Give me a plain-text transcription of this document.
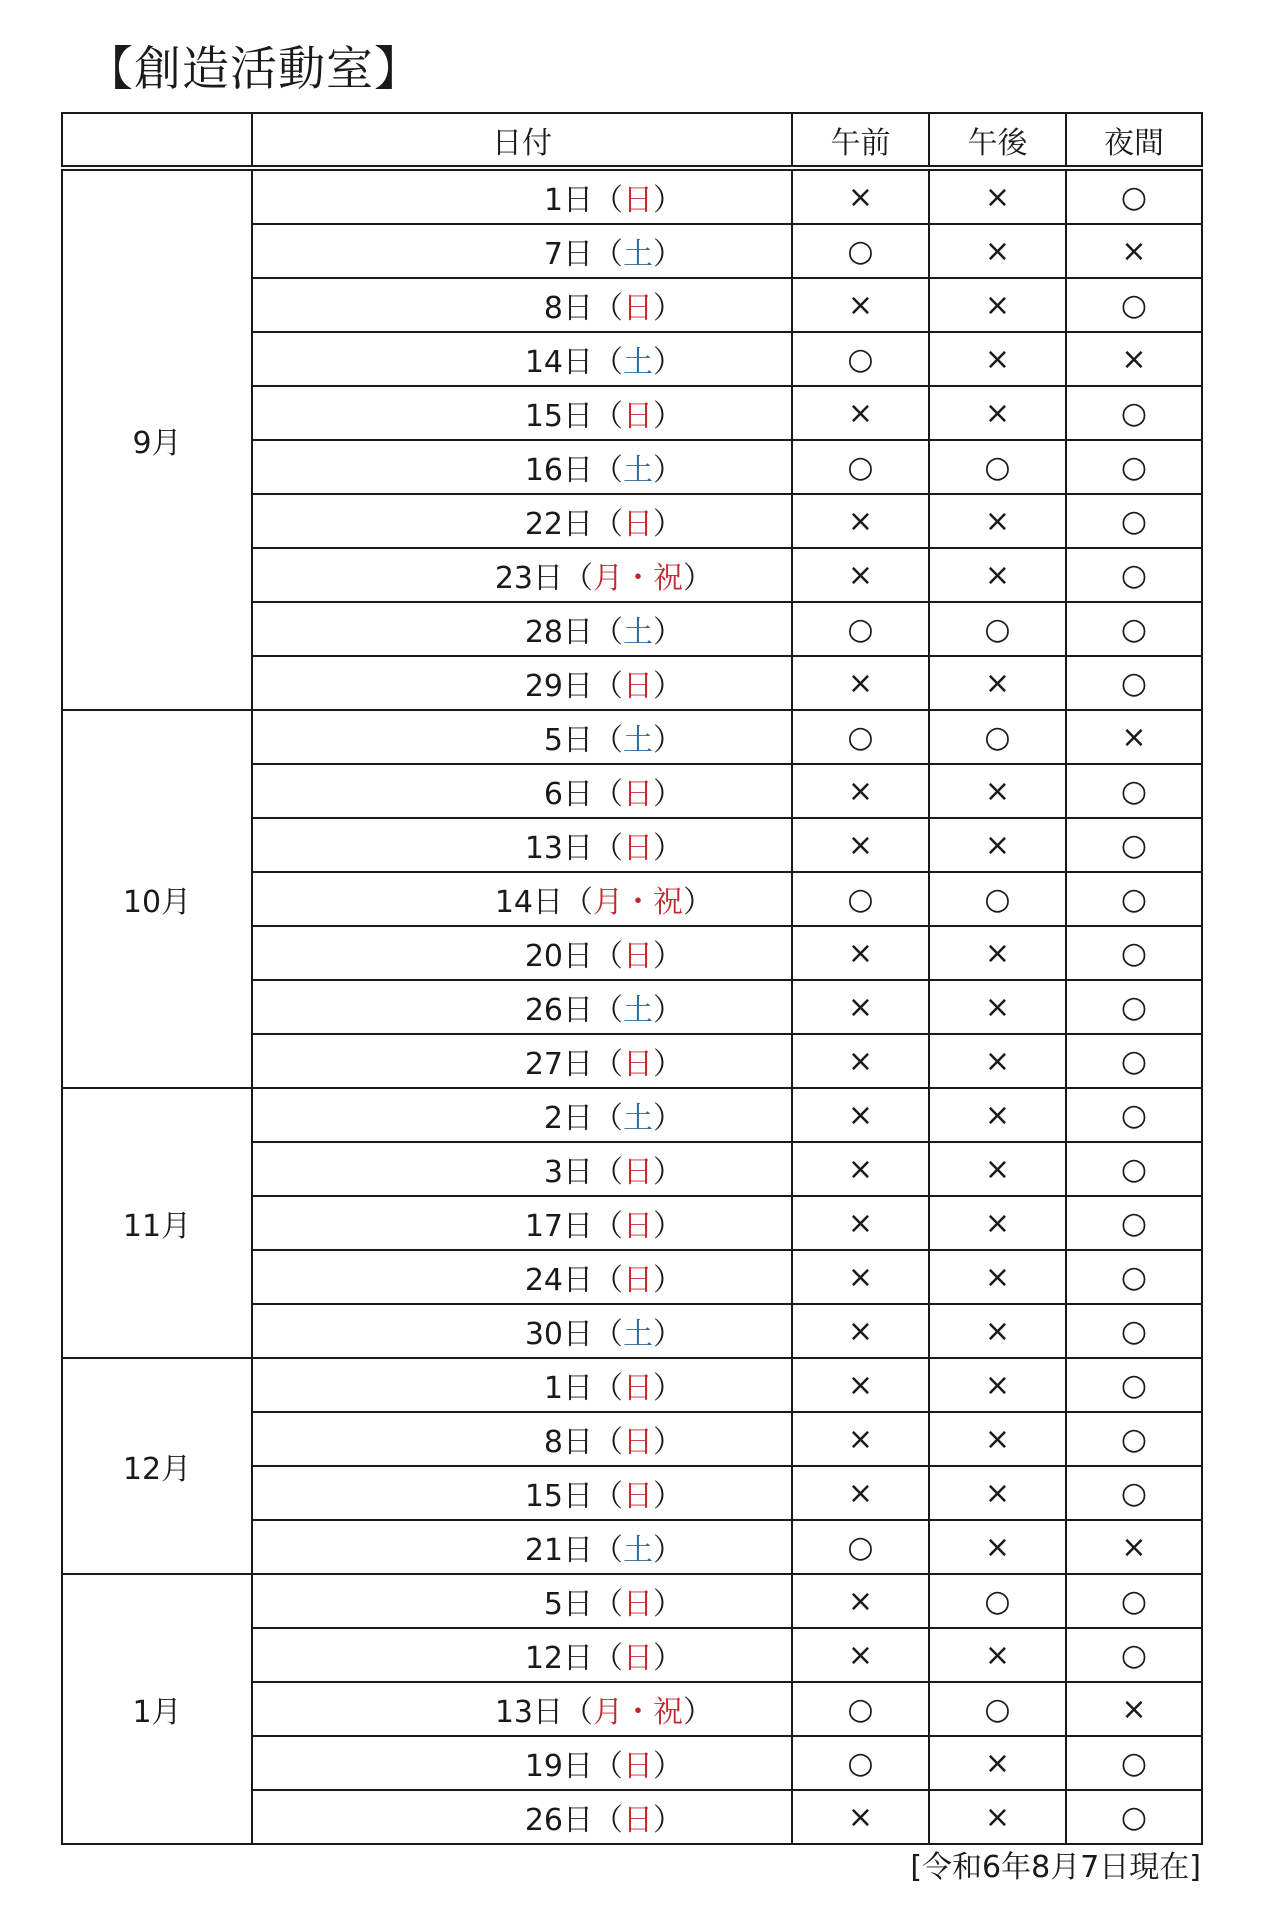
【創造活動室】
	日付	午前	午後	夜間
9月	1日（日）	×	×	○
	7日（土）	○	×	×
	8日（日）	×	×	○
	14日（土）	○	×	×
	15日（日）	×	×	○
	16日（土）	○	○	○
	22日（日）	×	×	○
	23日（月・祝）	×	×	○
	28日（土）	○	○	○
	29日（日）	×	×	○
10月	5日（土）	○	○	×
	6日（日）	×	×	○
	13日（日）	×	×	○
	14日（月・祝）	○	○	○
	20日（日）	×	×	○
	26日（土）	×	×	○
	27日（日）	×	×	○
11月	2日（土）	×	×	○
	3日（日）	×	×	○
	17日（日）	×	×	○
	24日（日）	×	×	○
	30日（土）	×	×	○
12月	1日（日）	×	×	○
	8日（日）	×	×	○
	15日（日）	×	×	○
	21日（土）	○	×	×
1月	5日（日）	×	○	○
	12日（日）	×	×	○
	13日（月・祝）	○	○	×
	19日（日）	○	×	○
	26日（日）	×	×	○
[令和6年8月7日現在]
